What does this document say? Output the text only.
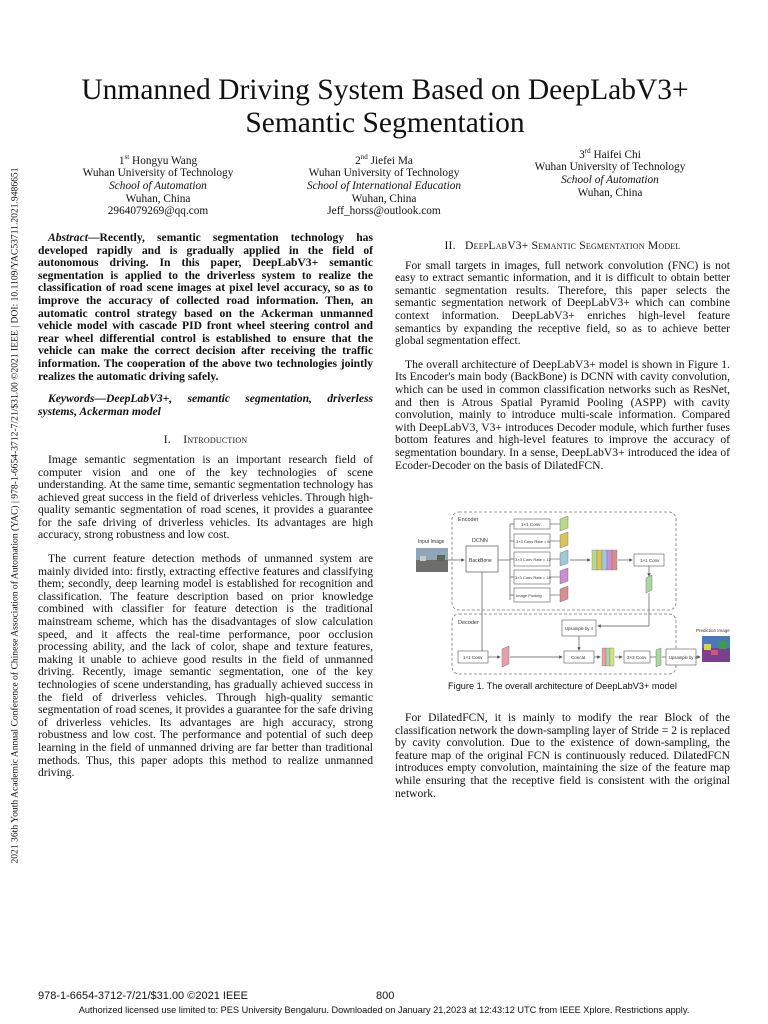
2021 36th Youth Academic Annual Conference of Chinese Association of Automation (YAC) | 978-1-6654-3712-7/21/$31.00 ©2021 IEEE | DOI: 10.1109/YAC53711.2021.9486651
Unmanned Driving System Based on DeepLabV3+
Semantic Segmentation
1st Hongyu Wang
Wuhan University of Technology
School of Automation
Wuhan, China
2964079269@qq.com
2nd Jiefei Ma
Wuhan University of Technology
School of International Education
Wuhan, China
Jeff_horss@outlook.com
3rd Haifei Chi
Wuhan University of Technology
School of Automation
Wuhan, China

Abstract—Recently, semantic segmentation technology has developed rapidly and is gradually applied in the field of autonomous driving. In this paper, DeepLabV3+ semantic segmentation is applied to the driverless system to realize the classification of road scene images at pixel level accuracy, so as to improve the accuracy of collected road information. Then, an automatic control strategy based on the Ackerman unmanned vehicle model with cascade PID front wheel steering control and rear wheel differential control is established to ensure that the vehicle can make the correct decision after receiving the traffic information. The cooperation of the above two technologies jointly realizes the automatic driving safely.

Keywords—DeepLabV3+, semantic segmentation, driverless systems, Ackerman model

I. Introduction

Image semantic segmentation is an important research field of computer vision and one of the key technologies of scene understanding. At the same time, semantic segmentation technology has achieved great success in the field of driverless vehicles. Through high-quality semantic segmentation of road scenes, it provides a guarantee for the safe driving of driverless vehicles. Its advantages are high accuracy, strong robustness and low cost.

The current feature detection methods of unmanned system are mainly divided into: firstly, extracting effective features and classifying them; secondly, deep learning model is established for recognition and classification. The feature description based on prior knowledge combined with classifier for feature detection is the traditional mainstream scheme, which has the disadvantages of slow calculation speed, and it affects the real-time performance, poor occlusion processing ability, and the lack of color, shape and texture features, making it unable to achieve good results in the field of unmanned driving. Recently, image semantic segmentation, one of the key technologies of scene understanding, has gradually achieved success in the field of driverless vehicles. Through high-quality semantic segmentation of road scenes, it provides a guarantee for the safe driving of driverless vehicles. Its advantages are high accuracy, strong robustness and low cost. The performance and potential of such deep learning in the field of unmanned driving are far better than traditional methods. Thus, this paper adopts this method to realize unmanned driving.

II. DeepLabV3+ Semantic Segmentation Model

For small targets in images, full network convolution (FNC) is not easy to extract semantic information, and it is difficult to obtain better semantic segmentation results. Therefore, this paper selects the semantic segmentation network of DeepLabV3+ which can combine context information. DeepLabV3+ enriches high-level feature semantics by expanding the receptive field, so as to achieve better global segmentation effect.

The overall architecture of DeepLabV3+ model is shown in Figure 1. Its Encoder's main body (BackBone) is DCNN with cavity convolution, which can be used in common classification networks such as ResNet, and then is Atrous Spatial Pyramid Pooling (ASPP) with cavity convolution, mainly to introduce multi-scale information. Compared with DeepLabV3, V3+ introduces Decoder module, which further fuses bottom features and high-level features to improve the accuracy of segmentation boundary. In a sense, DeepLabV3+ introduced the idea of Ecoder-Decoder on the basis of DilatedFCN.

Encoder
Decoder
Input Image	DCNN
BackBone
1×1 Conv
3×3 Conv Rate = 6
3×3 Conv Rate = 12
3×3 Conv Rate = 18
Image Pooling
1×1 Conv
Upsample by 4
1×1 Conv	Concat	3×3 Conv	Upsample by 4
Prediction Image
Figure 1. The overall architecture of DeepLabV3+ model

For DilatedFCN, it is mainly to modify the rear Block of the classification network the down-sampling layer of Stride = 2 is replaced by cavity convolution. Due to the existence of down-sampling, the feature map of the original FCN is continuously reduced. DilatedFCN introduces empty convolution, maintaining the size of the feature map while ensuring that the receptive field is consistent with the original network.

978-1-6654-3712-7/21/$31.00 ©2021 IEEE	800
Authorized licensed use limited to: PES University Bengaluru. Downloaded on January 21,2023 at 12:43:12 UTC from IEEE Xplore. Restrictions apply.
